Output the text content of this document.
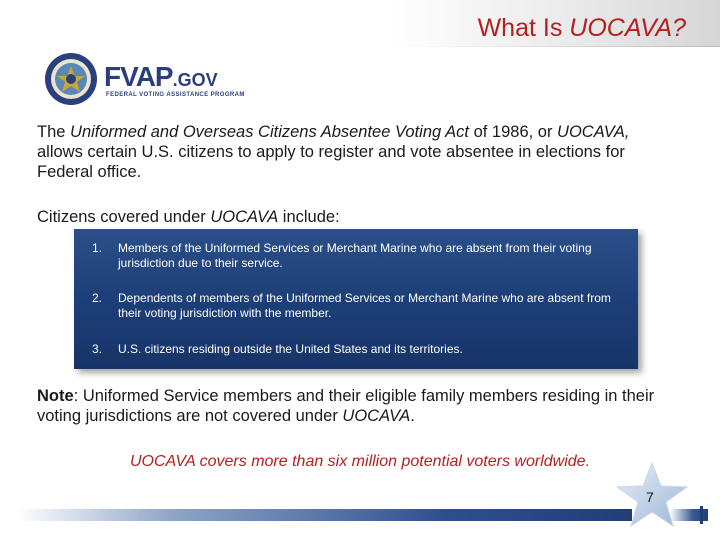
What Is UOCAVA?
FVAP.GOV
FEDERAL VOTING ASSISTANCE PROGRAM
The Uniformed and Overseas Citizens Absentee Voting Act of 1986, or UOCAVA, allows certain U.S. citizens to apply to register and vote absentee in elections for Federal office.
Citizens covered under UOCAVA include:
1.	Members of the Uniformed Services or Merchant Marine who are absent from their voting jurisdiction due to their service.
2.	Dependents of members of the Uniformed Services or Merchant Marine who are absent from their voting jurisdiction with the member.
3.	U.S. citizens residing outside the United States and its territories.
Note: Uniformed Service members and their eligible family members residing in their voting jurisdictions are not covered under UOCAVA.
UOCAVA covers more than six million potential voters worldwide.
7
